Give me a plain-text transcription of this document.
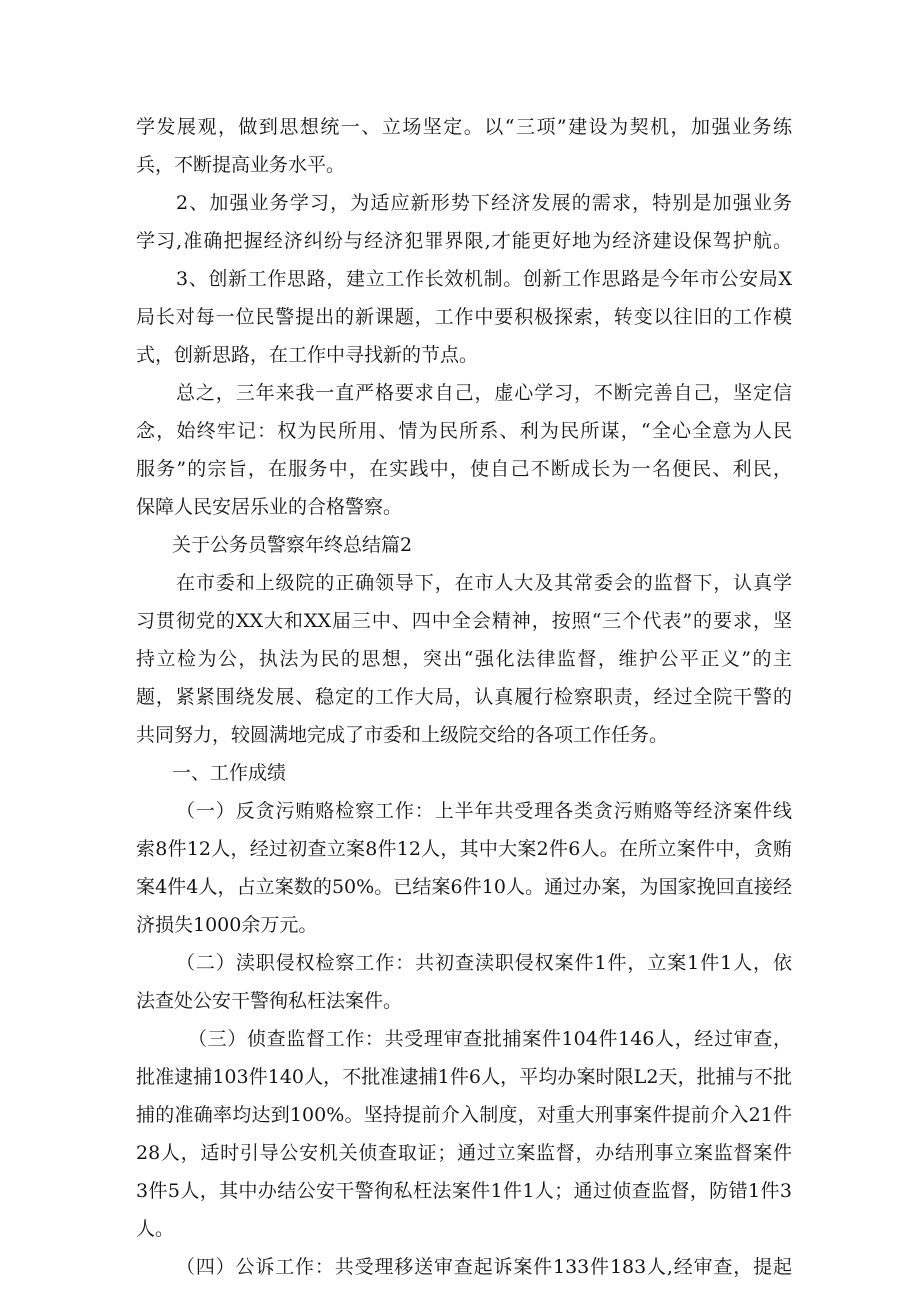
学发展观，做到思想统一、立场坚定。以“三项”建设为契机，加强业务练
兵，不断提高业务水平。
2、加强业务学习，为适应新形势下经济发展的需求，特别是加强业务
学习,准确把握经济纠纷与经济犯罪界限,才能更好地为经济建设保驾护航。
3、创新工作思路，建立工作长效机制。创新工作思路是今年市公安局X
局长对每一位民警提出的新课题，工作中要积极探索，转变以往旧的工作模
式，创新思路，在工作中寻找新的节点。
总之，三年来我一直严格要求自己，虚心学习，不断完善自己，坚定信
念，始终牢记：权为民所用、情为民所系、利为民所谋，“全心全意为人民
服务”的宗旨，在服务中，在实践中，使自己不断成长为一名便民、利民，
保障人民安居乐业的合格警察。
关于公务员警察年终总结篇2
在市委和上级院的正确领导下，在市人大及其常委会的监督下，认真学
习贯彻党的XX大和XX届三中、四中全会精神，按照“三个代表”的要求，坚
持立检为公，执法为民的思想，突出“强化法律监督，维护公平正义”的主
题，紧紧围绕发展、稳定的工作大局，认真履行检察职责，经过全院干警的
共同努力，较圆满地完成了市委和上级院交给的各项工作任务。
一、工作成绩
（一）反贪污贿赂检察工作：上半年共受理各类贪污贿赂等经济案件线
索8件12人，经过初查立案8件12人，其中大案2件6人。在所立案件中，贪贿
案4件4人，占立案数的50%。已结案6件10人。通过办案，为国家挽回直接经
济损失1000余万元。
（二）渎职侵权检察工作：共初查渎职侵权案件1件，立案1件1人，依
法查处公安干警徇私枉法案件。
（三）侦查监督工作：共受理审查批捕案件104件146人，经过审查，
批准逮捕103件140人，不批准逮捕1件6人，平均办案时限L2天，批捕与不批
捕的准确率均达到100%。坚持提前介入制度，对重大刑事案件提前介入21件
28人，适时引导公安机关侦查取证；通过立案监督，办结刑事立案监督案件
3件5人，其中办结公安干警徇私枉法案件1件1人；通过侦查监督，防错1件3
人。
（四）公诉工作：共受理移送审查起诉案件133件183人,经审查，提起
